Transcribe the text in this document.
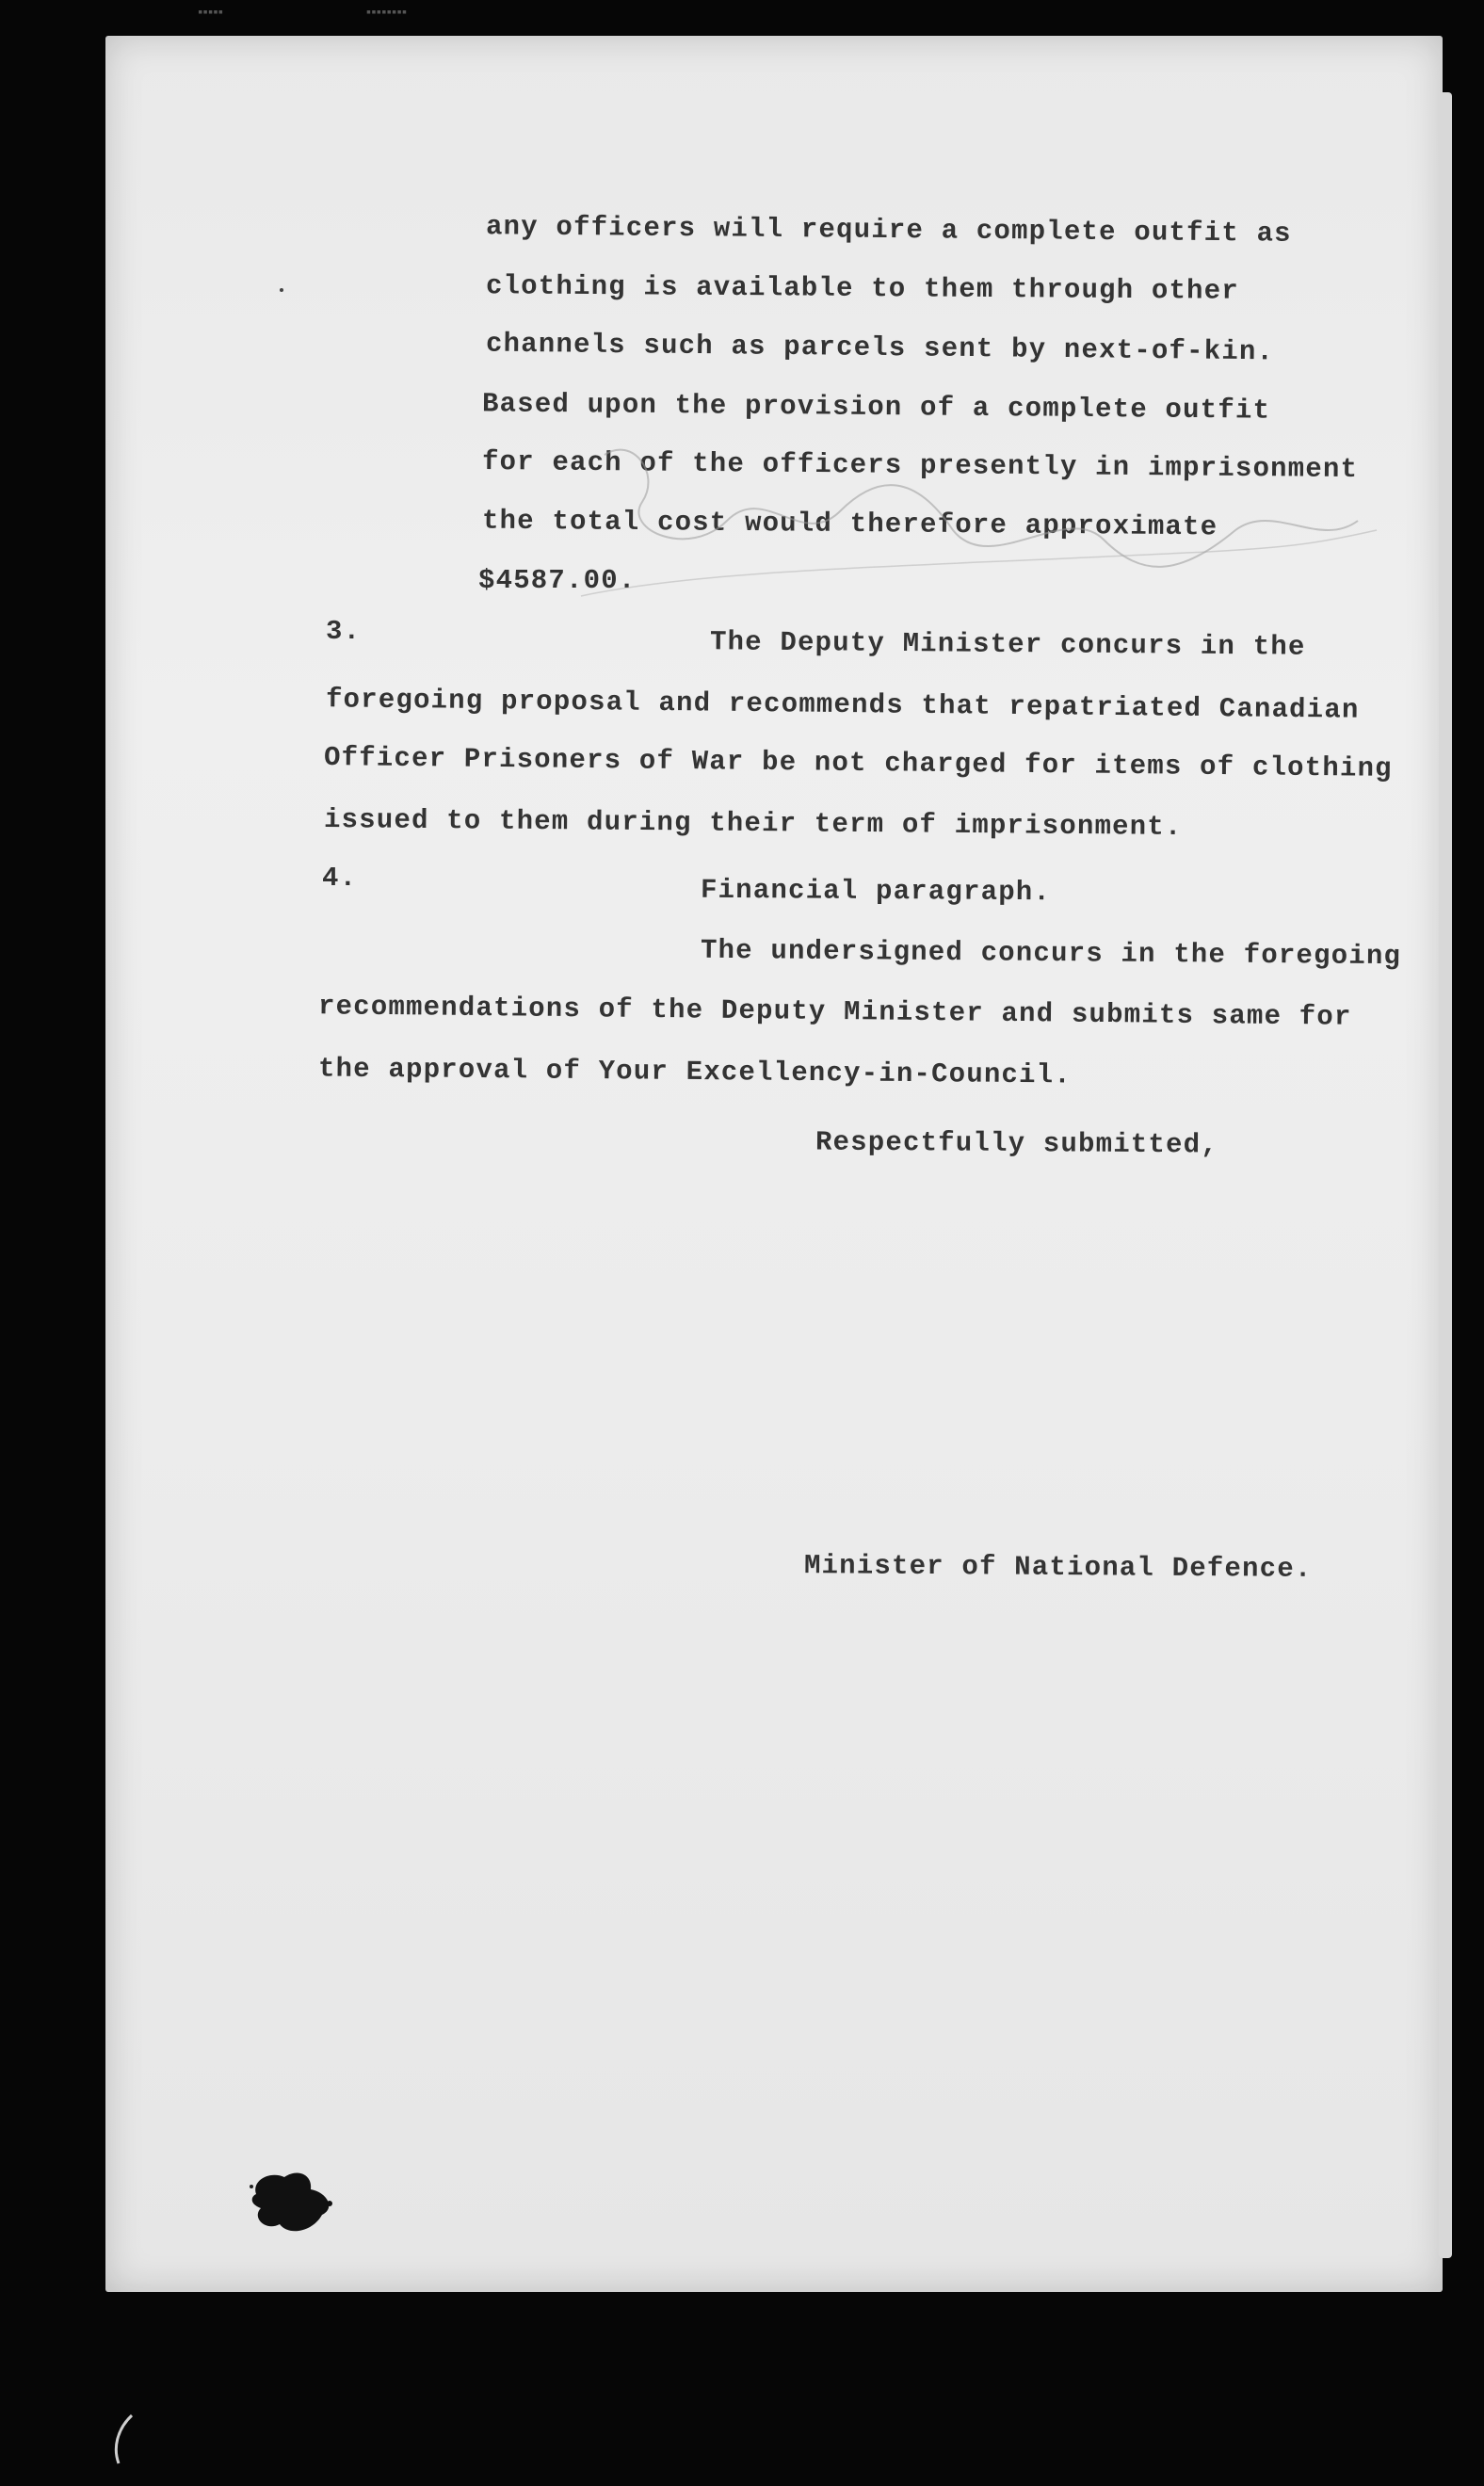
▪▪▪▪▪                            ▪▪▪▪▪▪▪▪
any officers will require a complete outfit as
clothing is available to them through other
channels such as parcels sent by next-of-kin.
Based upon the provision of a complete outfit
for each of the officers presently in imprisonment
the total cost would therefore approximate
$4587.00.
3.	The Deputy Minister concurs in the
foregoing proposal and recommends that repatriated Canadian
Officer Prisoners of War be not charged for items of clothing
issued to them during their term of imprisonment.
4.	Financial paragraph.
The undersigned concurs in the foregoing
recommendations of the Deputy Minister and submits same for
the approval of Your Excellency-in-Council.
Respectfully submitted,
Minister of National Defence.
